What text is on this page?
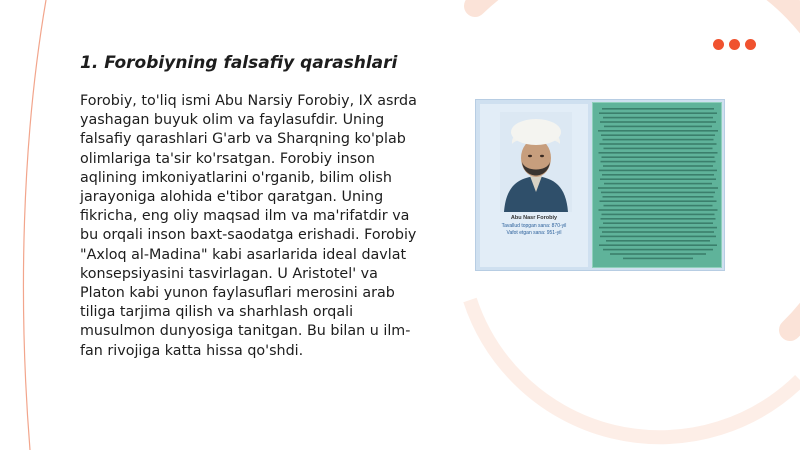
1. Forobiyning falsafiy qarashlari
Forobiy, to'liq ismi Abu Narsiy Forobiy, IX asrda yashagan buyuk olim va faylasufdir. Uning falsafiy qarashlari G'arb va Sharqning ko'plab olimlariga ta'sir ko'rsatgan. Forobiy inson aqlining imkoniyatlarini o'rganib, bilim olish jarayoniga alohida e'tibor qaratgan. Uning fikricha, eng oliy maqsad ilm va ma'rifatdir va bu orqali inson baxt-saodatga erishadi. Forobiy "Axloq al-Madina" kabi asarlarida ideal davlat konsepsiyasini tasvirlagan. U Aristotel' va Platon kabi yunon faylasuflari merosini arab tiliga tarjima qilish va sharhlash orqali musulmon dunyosiga tanitgan. Bu bilan u ilm-fan rivojiga katta hissa qo'shdi.
Abu Nasr Forobiy
Tavallud topgan sana: 870-yil
Vafot etgan sana: 951-yil
